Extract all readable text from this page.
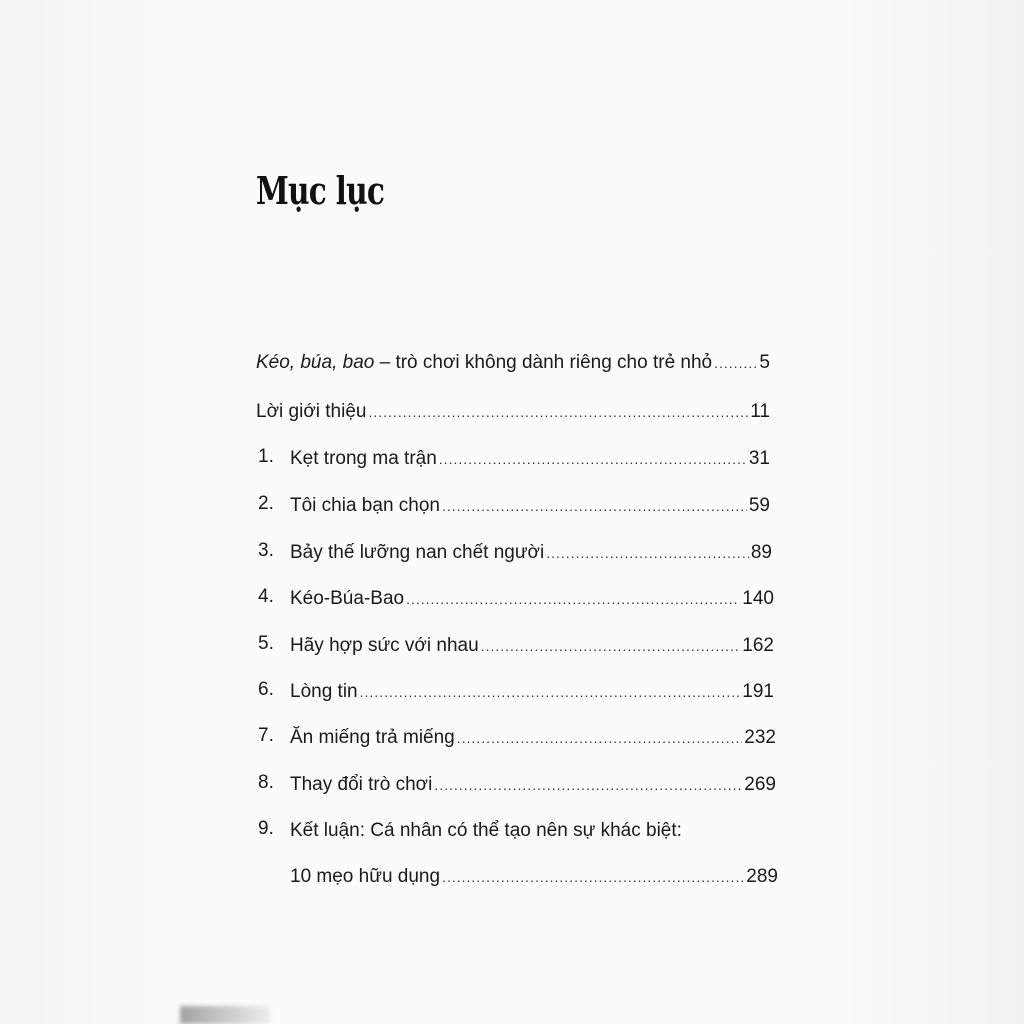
Mục lục
Kéo, búa, bao – trò chơi không dành riêng cho trẻ nhỏ ..... 5
Lời giới thiệu .....	11
1. Kẹt trong ma trận .....	31
2. Tôi chia bạn chọn .....	59
3. Bảy thế lưỡng nan chết người .....	89
4. Kéo-Búa-Bao .....	140
5. Hãy hợp sức với nhau .....	162
6. Lòng tin .....	191
7. Ăn miếng trả miếng .....	232
8. Thay đổi trò chơi .....	269
9. Kết luận: Cá nhân có thể tạo nên sự khác biệt:
10 mẹo hữu dụng .....	289
